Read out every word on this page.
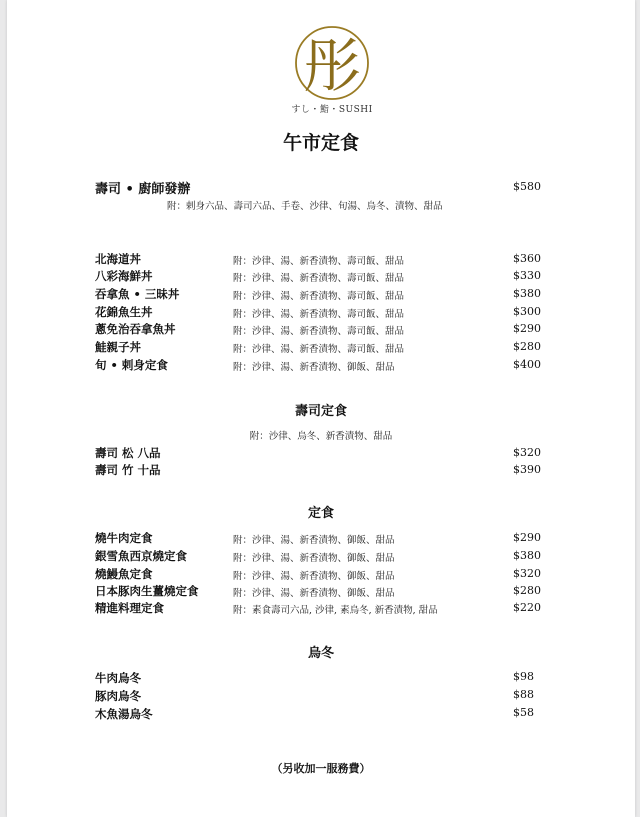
彤
すし・鮨・SUSHI
午市定食
壽司 • 廚師發辦	$580
附：剌身六品、壽司六品、手卷、沙律、旬湯、烏冬、漬物、甜品
北海道丼	附：沙律、湯、新香漬物、壽司飯、甜品	$360
八彩海鮮丼	附：沙律、湯、新香漬物、壽司飯、甜品	$330
吞拿魚 • 三昧丼	附：沙律、湯、新香漬物、壽司飯、甜品	$380
花錦魚生丼	附：沙律、湯、新香漬物、壽司飯、甜品	$300
蔥免治吞拿魚丼	附：沙律、湯、新香漬物、壽司飯、甜品	$290
鮭親子丼	附：沙律、湯、新香漬物、壽司飯、甜品	$280
旬 • 剌身定食	附：沙律、湯、新香漬物、御飯、甜品	$400
壽司定食
附：沙律、烏冬、新香漬物、甜品
壽司 松 八品	$320
壽司 竹 十品	$390
定食
燒牛肉定食	附：沙律、湯、新香漬物、御飯、甜品	$290
銀雪魚西京燒定食	附：沙律、湯、新香漬物、御飯、甜品	$380
燒鰻魚定食	附：沙律、湯、新香漬物、御飯、甜品	$320
日本豚肉生薑燒定食	附：沙律、湯、新香漬物、御飯、甜品	$280
精進料理定食	附：素食壽司六品, 沙律, 素烏冬, 新香漬物, 甜品	$220
烏冬
牛肉烏冬	$98
豚肉烏冬	$88
木魚湯烏冬	$58
（另收加一服務費）
